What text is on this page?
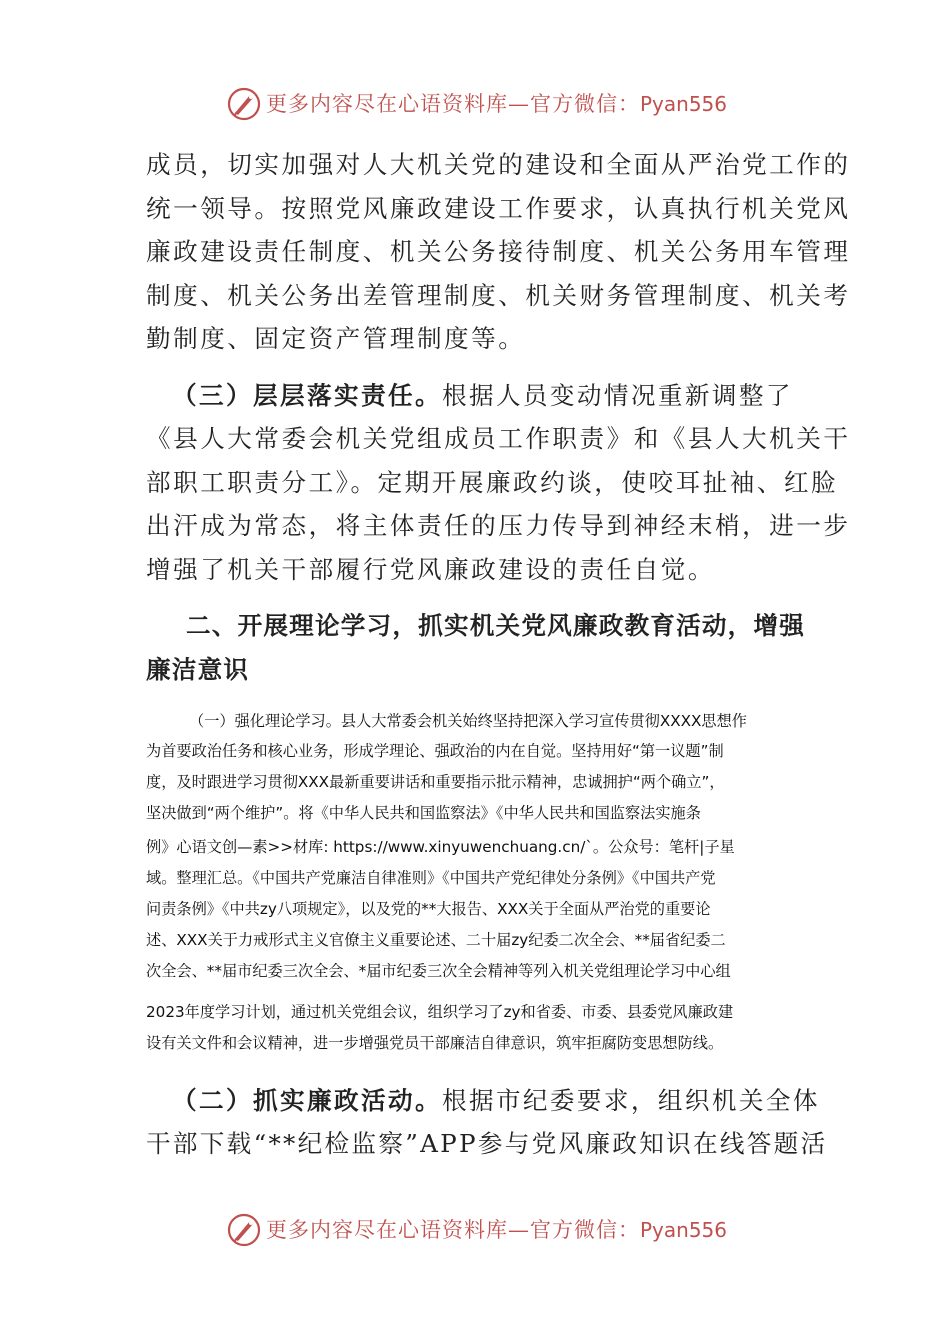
更多内容尽在心语资料库—官方微信：Pyan556
成员，切实加强对人大机关党的建设和全面从严治党工作的
统一领导。按照党风廉政建设工作要求，认真执行机关党风
廉政建设责任制度、机关公务接待制度、机关公务用车管理
制度、机关公务出差管理制度、机关财务管理制度、机关考
勤制度、固定资产管理制度等。
（三）层层落实责任。根据人员变动情况重新调整了
《县人大常委会机关党组成员工作职责》和《县人大机关干
部职工职责分工》。定期开展廉政约谈，使咬耳扯袖、红脸
出汗成为常态，将主体责任的压力传导到神经末梢，进一步
增强了机关干部履行党风廉政建设的责任自觉。
二、开展理论学习，抓实机关党风廉政教育活动，增强
廉洁意识
（一）强化理论学习。县人大常委会机关始终坚持把深入学习宣传贯彻XXXX思想作
为首要政治任务和核心业务，形成学理论、强政治的内在自觉。坚持用好“第一议题”制
度，及时跟进学习贯彻XXX最新重要讲话和重要指示批示精神，忠诚拥护“两个确立”，
坚决做到“两个维护”。将《中华人民共和国监察法》《中华人民共和国监察法实施条
例》心语文创—素>>材库: https://www.xinyuwenchuang.cn/`。公众号：笔杆|子星
域。整理汇总。《中国共产党廉洁自律准则》《中国共产党纪律处分条例》《中国共产党
问责条例》《中共zy八项规定》，以及党的**大报告、XXX关于全面从严治党的重要论
述、XXX关于力戒形式主义官僚主义重要论述、二十届zy纪委二次全会、**届省纪委二
次全会、**届市纪委三次全会、*届市纪委三次全会精神等列入机关党组理论学习中心组
2023年度学习计划，通过机关党组会议，组织学习了zy和省委、市委、县委党风廉政建
设有关文件和会议精神，进一步增强党员干部廉洁自律意识，筑牢拒腐防变思想防线。
（二）抓实廉政活动。根据市纪委要求，组织机关全体
干部下载“**纪检监察”APP参与党风廉政知识在线答题活
更多内容尽在心语资料库—官方微信：Pyan556
